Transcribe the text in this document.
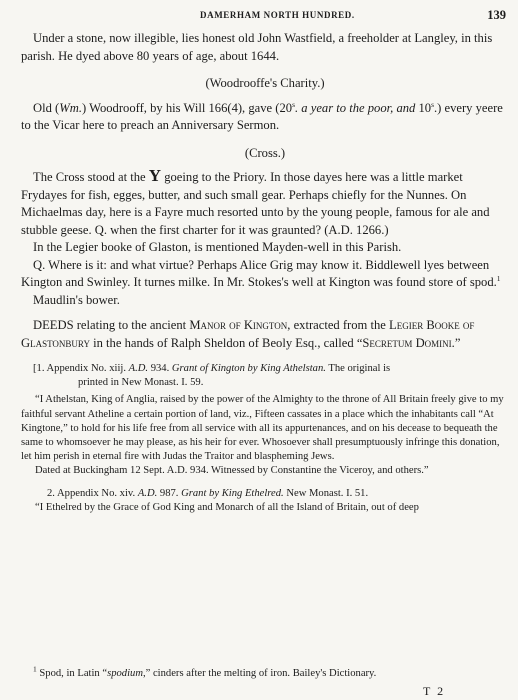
DAMERHAM NORTH HUNDRED.	139

Under a stone, now illegible, lies honest old John Wastfield, a freeholder at Langley, in this parish. He dyed above 80 years of age, about 1644.

(Woodrooffe's Charity.)

Old (Wm.) Woodrooff, by his Will 166(4), gave (20$^s$. a year to the poor, and 10$^s$.) every yeere to the Vicar here to preach an Anniversary Sermon.

(Cross.)

The Cross stood at the Y goeing to the Priory. In those dayes here was a little market Frydayes for fish, egges, butter, and such small gear. Perhaps chiefly for the Nunnes. On Michaelmas day, here is a Fayre much resorted unto by the young people, famous for ale and stubble geese. Q. when the first charter for it was graunted? (A.D. 1266.)

In the Legier booke of Glaston, is mentioned Mayden-well in this Parish.

Q. Where is it: and what virtue? Perhaps Alice Grig may know it. Biddlewell lyes between Kington and Swinley. It turnes milke. In Mr. Stokes's well at Kington was found store of spod.$^1$

Maudlin's bower.

DEEDS relating to the ancient Manor of Kington, extracted from the Legier Booke of Glastonbury in the hands of Ralph Sheldon of Beoly Esq., called “Secretum Domini.”

[1. Appendix No. xiij. A.D. 934. Grant of Kington by King Athelstan. The original is

printed in New Monast. I. 59.

“I Athelstan, King of Anglia, raised by the power of the Almighty to the throne of All Britain freely give to my faithful servant Atheline a certain portion of land, viz., Fifteen cassates in a place which the inhabitants call “At Kingtone,” to hold for his life free from all service with all its appurtenances, and on his decease to bequeath the same to whomsoever he may please, as his heir for ever. Whosoever shall presumptuously infringe this donation, let him perish in eternal fire with Judas the Traitor and blaspheming Jews.

Dated at Buckingham 12 Sept. A.D. 934. Witnessed by Constantine the Viceroy, and others.”

2. Appendix No. xiv. A.D. 987. Grant by King Ethelred. New Monast. I. 51.

“I Ethelred by the Grace of God King and Monarch of all the Island of Britain, out of deep

$^1$ Spod, in Latin “spodium,” cinders after the melting of iron. Bailey's Dictionary.

T 2
